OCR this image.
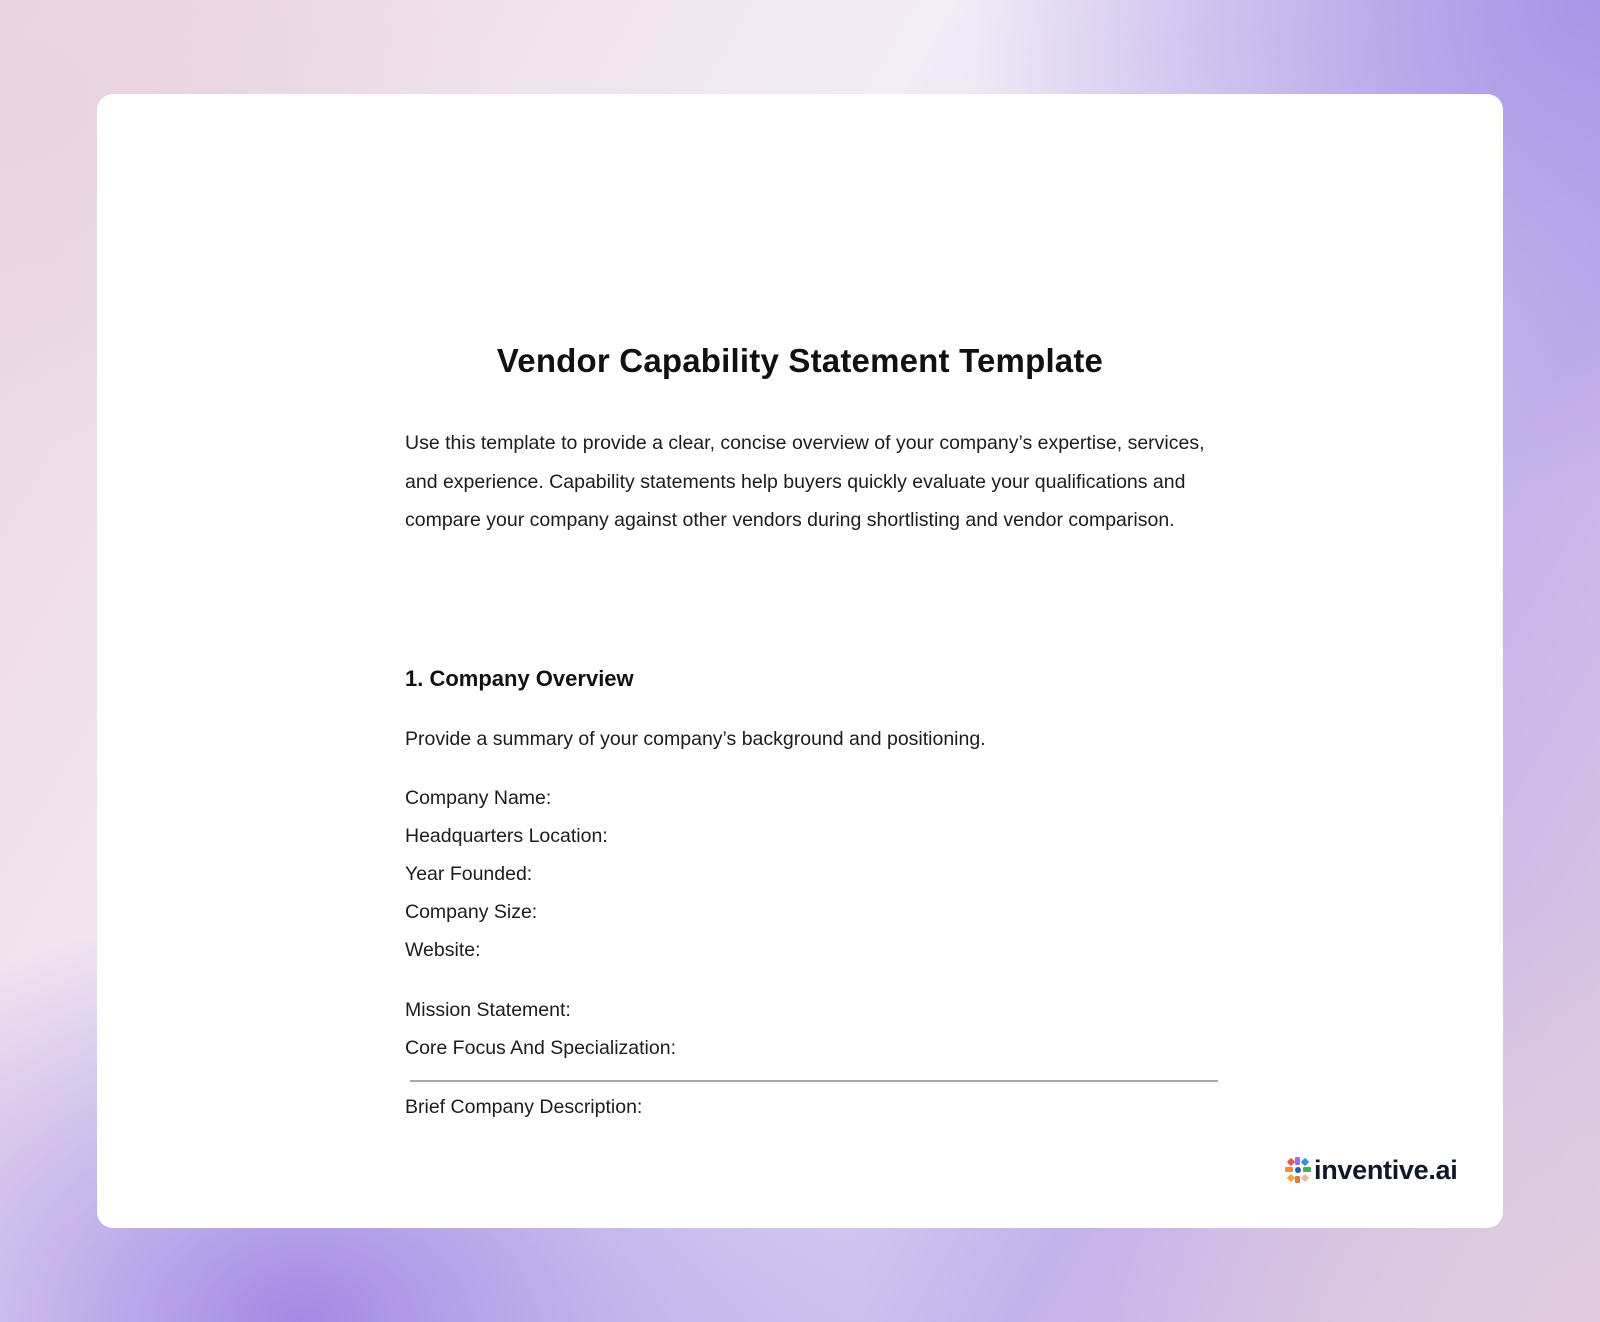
Vendor Capability Statement Template
Use this template to provide a clear, concise overview of your company’s expertise, services, and experience. Capability statements help buyers quickly evaluate your qualifications and compare your company against other vendors during shortlisting and vendor comparison.
1. Company Overview
Provide a summary of your company’s background and positioning.
Company Name:
Headquarters Location:
Year Founded:
Company Size:
Website:
Mission Statement:
Core Focus And Specialization:
Brief Company Description:
inventive.ai
